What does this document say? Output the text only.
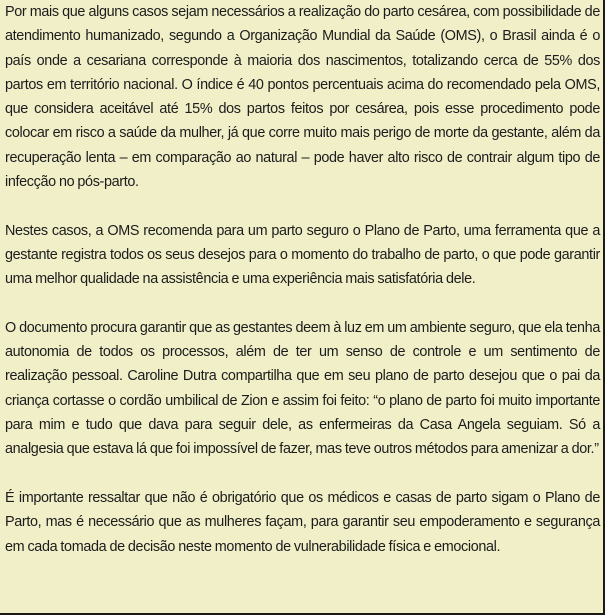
Por mais que alguns casos sejam necessários a realização do parto cesárea, com possibilidade de atendimento humanizado, segundo a Organização Mundial da Saúde (OMS), o Brasil ainda é o país onde a cesariana corresponde à maioria dos nascimentos, totalizando cerca de 55% dos partos em território nacional. O índice é 40 pontos percentuais acima do recomendado pela OMS, que considera aceitável até 15% dos partos feitos por cesárea, pois esse procedimento pode colocar em risco a saúde da mulher, já que corre muito mais perigo de morte da gestante, além da recuperação lenta – em comparação ao natural – pode haver alto risco de contrair algum tipo de infecção no pós-parto.

Nestes casos, a OMS recomenda para um parto seguro o Plano de Parto, uma ferramenta que a gestante registra todos os seus desejos para o momento do trabalho de parto, o que pode garantir uma melhor qualidade na assistência e uma experiência mais satisfatória dele.

O documento procura garantir que as gestantes deem à luz em um ambiente seguro, que ela tenha autonomia de todos os processos, além de ter um senso de controle e um sentimento de realização pessoal. Caroline Dutra compartilha que em seu plano de parto desejou que o pai da criança cortasse o cordão umbilical de Zion e assim foi feito: “o plano de parto foi muito importante para mim e tudo que dava para seguir dele, as enfermeiras da Casa Angela seguiam. Só a analgesia que estava lá que foi impossível de fazer, mas teve outros métodos para amenizar a dor.”

É importante ressaltar que não é obrigatório que os médicos e casas de parto sigam o Plano de Parto, mas é necessário que as mulheres façam, para garantir seu empoderamento e segurança em cada tomada de decisão neste momento de vulnerabilidade física e emocional.
